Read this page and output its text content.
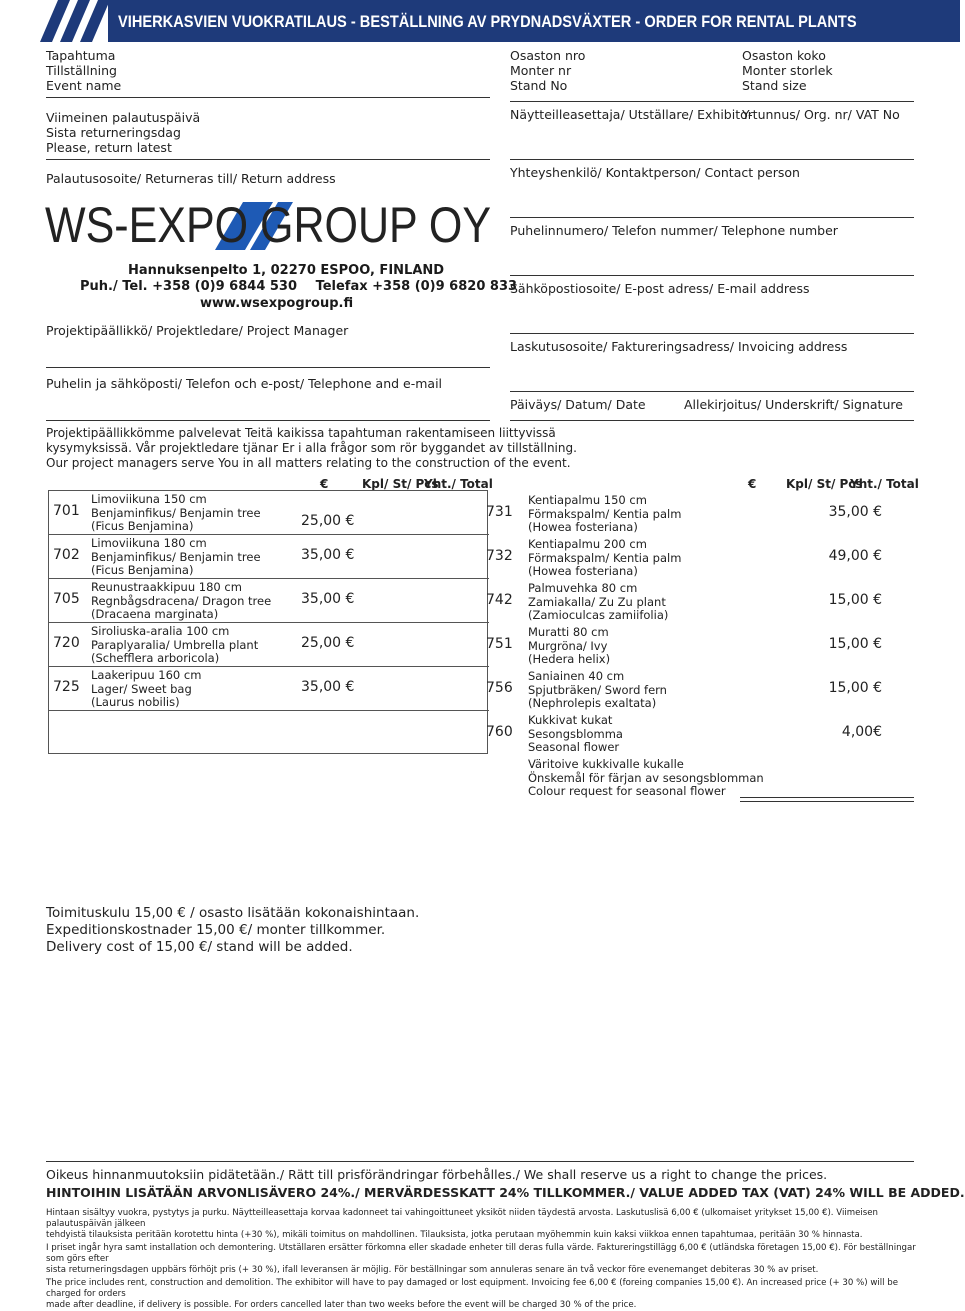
VIHERKASVIEN VUOKRATILAUS - BESTÄLLNING AV PRYDNADSVÄXTER - ORDER FOR RENTAL PLANTS
Tapahtuma
Tillställning
Event name
Viimeinen palautuspäivä
Sista returneringsdag
Please, return latest
Palautusosoite/ Returneras till/ Return address
WS-EXPO GROUP OY
Hannuksenpelto 1, 02270 ESPOO, FINLAND
Puh./ Tel. +358 (0)9 6844 530 Telefax +358 (0)9 6820 833
www.wsexpogroup.fi
Projektipäällikkö/ Projektledare/ Project Manager
Puhelin ja sähköposti/ Telefon och e-post/ Telephone and e-mail
Projektipäällikkömme palvelevat Teitä kaikissa tapahtuman rakentamiseen liittyvissä
kysymyksissä. Vår projektledare tjänar Er i alla frågor som rör byggandet av tillställning.
Our project managers serve You in all matters relating to the construction of the event.
Osaston nro
Monter nr
Stand No
Osaston koko
Monter storlek
Stand size
Näytteilleasettaja/ Utställare/ Exhibitor
Y-tunnus/ Org. nr/ VAT No
Yhteyshenkilö/ Kontaktperson/ Contact person
Puhelinnumero/ Telefon nummer/ Telephone number
Sähköpostiosoite/ E-post adress/ E-mail address
Laskutusosoite/ Faktureringsadress/ Invoicing address
Päiväys/ Datum/ Date	Allekirjoitus/ Underskrift/ Signature
€	Kpl/ St/ Pcs
Yht./ Total	€ Kpl/ St/ Pcs
Yht./ Total
701
Limoviikuna 150 cm
Benjaminfikus/ Benjamin tree
(Ficus Benjamina)	25,00 €
702
Limoviikuna 180 cm
Benjaminfikus/ Benjamin tree
(Ficus Benjamina)
35,00 €
705
Reunustraakkipuu 180 cm
Regnbågsdracena/ Dragon tree
(Dracaena marginata)
35,00 €
720
Siroliuska-aralia 100 cm
Paraplyaralia/ Umbrella plant
(Schefflera arboricola)
25,00 €
725
Laakeripuu 160 cm
Lager/ Sweet bag
(Laurus nobilis)
35,00 €
731
Kentiapalmu 150 cm
Förmakspalm/ Kentia palm
(Howea fosteriana)
35,00 €
732
Kentiapalmu 200 cm
Förmakspalm/ Kentia palm
(Howea fosteriana)
49,00 €
742
Palmuvehka 80 cm
Zamiakalla/ Zu Zu plant
(Zamioculcas zamiifolia)
15,00 €
751
Muratti 80 cm
Murgröna/ Ivy
(Hedera helix)
15,00 €
756
Saniainen 40 cm
Spjutbräken/ Sword fern
(Nephrolepis exaltata)
15,00 €
760
Kukkivat kukat
Sesongsblomma
Seasonal flower
4,00€
Väritoive kukkivalle kukalle
Önskemål för färjan av sesongsblomman
Colour request for seasonal flower
Toimituskulu 15,00 € / osasto lisätään kokonaishintaan.
Expeditionskostnader 15,00 €/ monter tillkommer.
Delivery cost of 15,00 €/ stand will be added.
Oikeus hinnanmuutoksiin pidätetään./ Rätt till prisförändringar förbehålles./ We shall reserve us a right to change the prices.
HINTOIHIN LISÄTÄÄN ARVONLISÄVERO 24%./ MERVÄRDESSKATT 24% TILLKOMMER./ VALUE ADDED TAX (VAT) 24% WILL BE ADDED.
Hintaan sisältyy vuokra, pystytys ja purku. Näytteilleasettaja korvaa kadonneet tai vahingoittuneet yksiköt niiden täydestä arvosta. Laskutuslisä 6,00 € (ulkomaiset yritykset 15,00 €). Viimeisen palautuspäivän jälkeen
tehdyistä tilauksista peritään korotettu hinta (+30 %), mikäli toimitus on mahdollinen. Tilauksista, jotka perutaan myöhemmin kuin kaksi viikkoa ennen tapahtumaa, peritään 30 % hinnasta.
I priset ingår hyra samt installation och demontering. Utställaren ersätter förkomna eller skadade enheter till deras fulla värde. Faktureringstillägg 6,00 € (utländska företagen 15,00 €). För beställningar som görs efter
sista returneringsdagen uppbärs förhöjt pris (+ 30 %), ifall leveransen är möjlig. För beställningar som annuleras senare än två veckor före evenemanget debiteras 30 % av priset.
The price includes rent, construction and demolition. The exhibitor will have to pay damaged or lost equipment. Invoicing fee 6,00 € (foreing companies 15,00 €). An increased price (+ 30 %) will be charged for orders
made after deadline, if delivery is possible. For orders cancelled later than two weeks before the event will be charged 30 % of the price.
